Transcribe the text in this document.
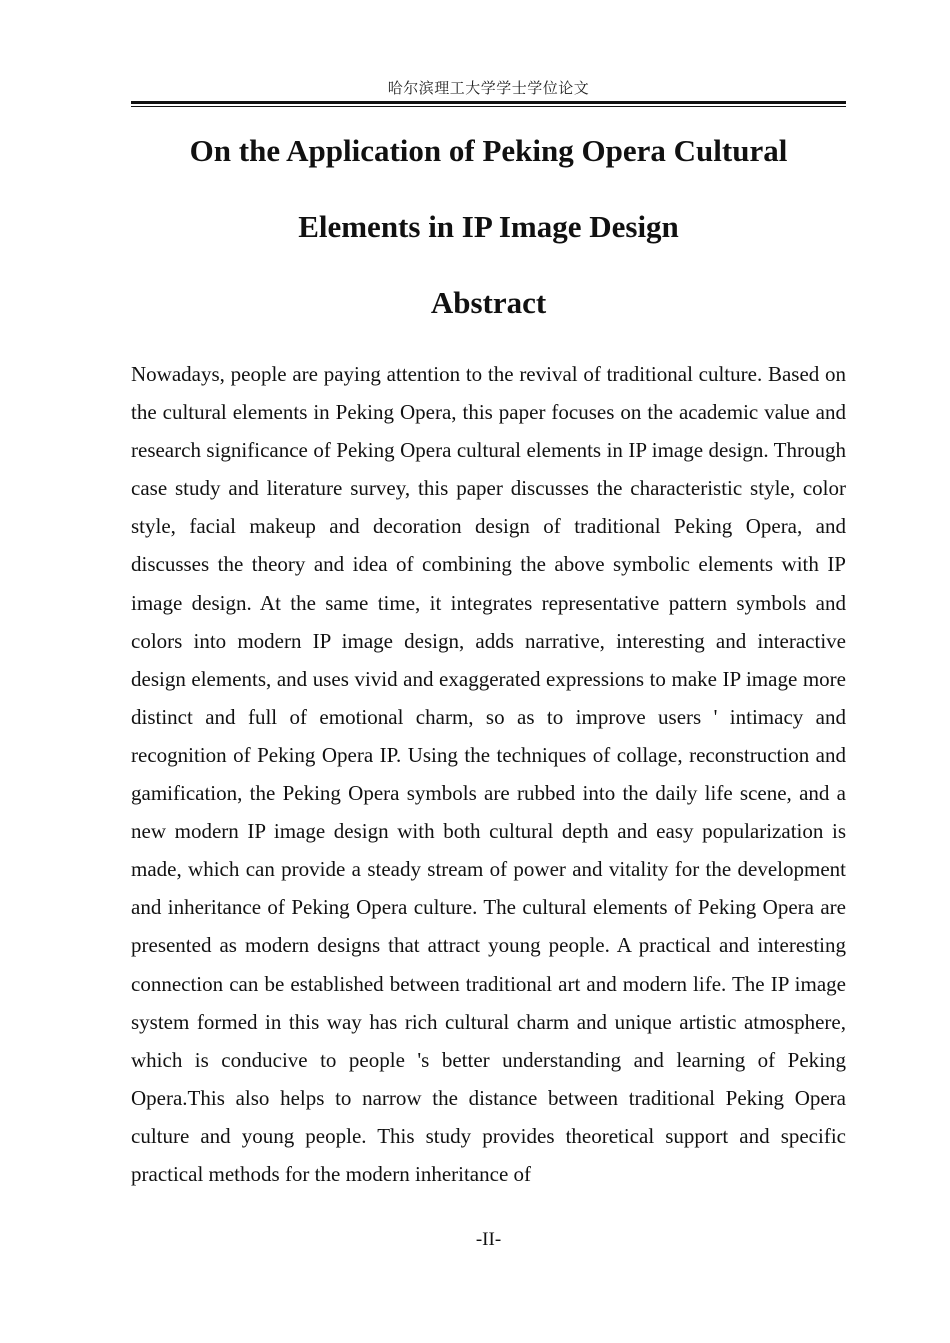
哈尔滨理工大学学士学位论文
On the Application of Peking Opera Cultural
Elements in IP Image Design
Abstract

Nowadays, people are paying attention to the revival of traditional culture. Based on the cultural elements in Peking Opera, this paper focuses on the academic value and research significance of Peking Opera cultural elements in IP image design. Through case study and literature survey, this paper discusses the characteristic style, color style, facial makeup and decoration design of traditional Peking Opera, and discusses the theory and idea of combining the above symbolic elements with IP image design. At the same time, it integrates representative pattern symbols and colors into modern IP image design, adds narrative, interesting and interactive design elements, and uses vivid and exaggerated expressions to make IP image more distinct and full of emotional charm, so as to improve users ' intimacy and recognition of Peking Opera IP. Using the techniques of collage, reconstruction and gamification, the Peking Opera symbols are rubbed into the daily life scene, and a new modern IP image design with both cultural depth and easy popularization is made, which can provide a steady stream of power and vitality for the development and inheritance of Peking Opera culture. The cultural elements of Peking Opera are presented as modern designs that attract young people. A practical and interesting connection can be established between traditional art and modern life. The IP image system formed in this way has rich cultural charm and unique artistic atmosphere, which is conducive to people 's better understanding and learning of Peking Opera.This also helps to narrow the distance between traditional Peking Opera culture and young people. This study provides theoretical support and specific practical methods for the modern inheritance of

-II-
